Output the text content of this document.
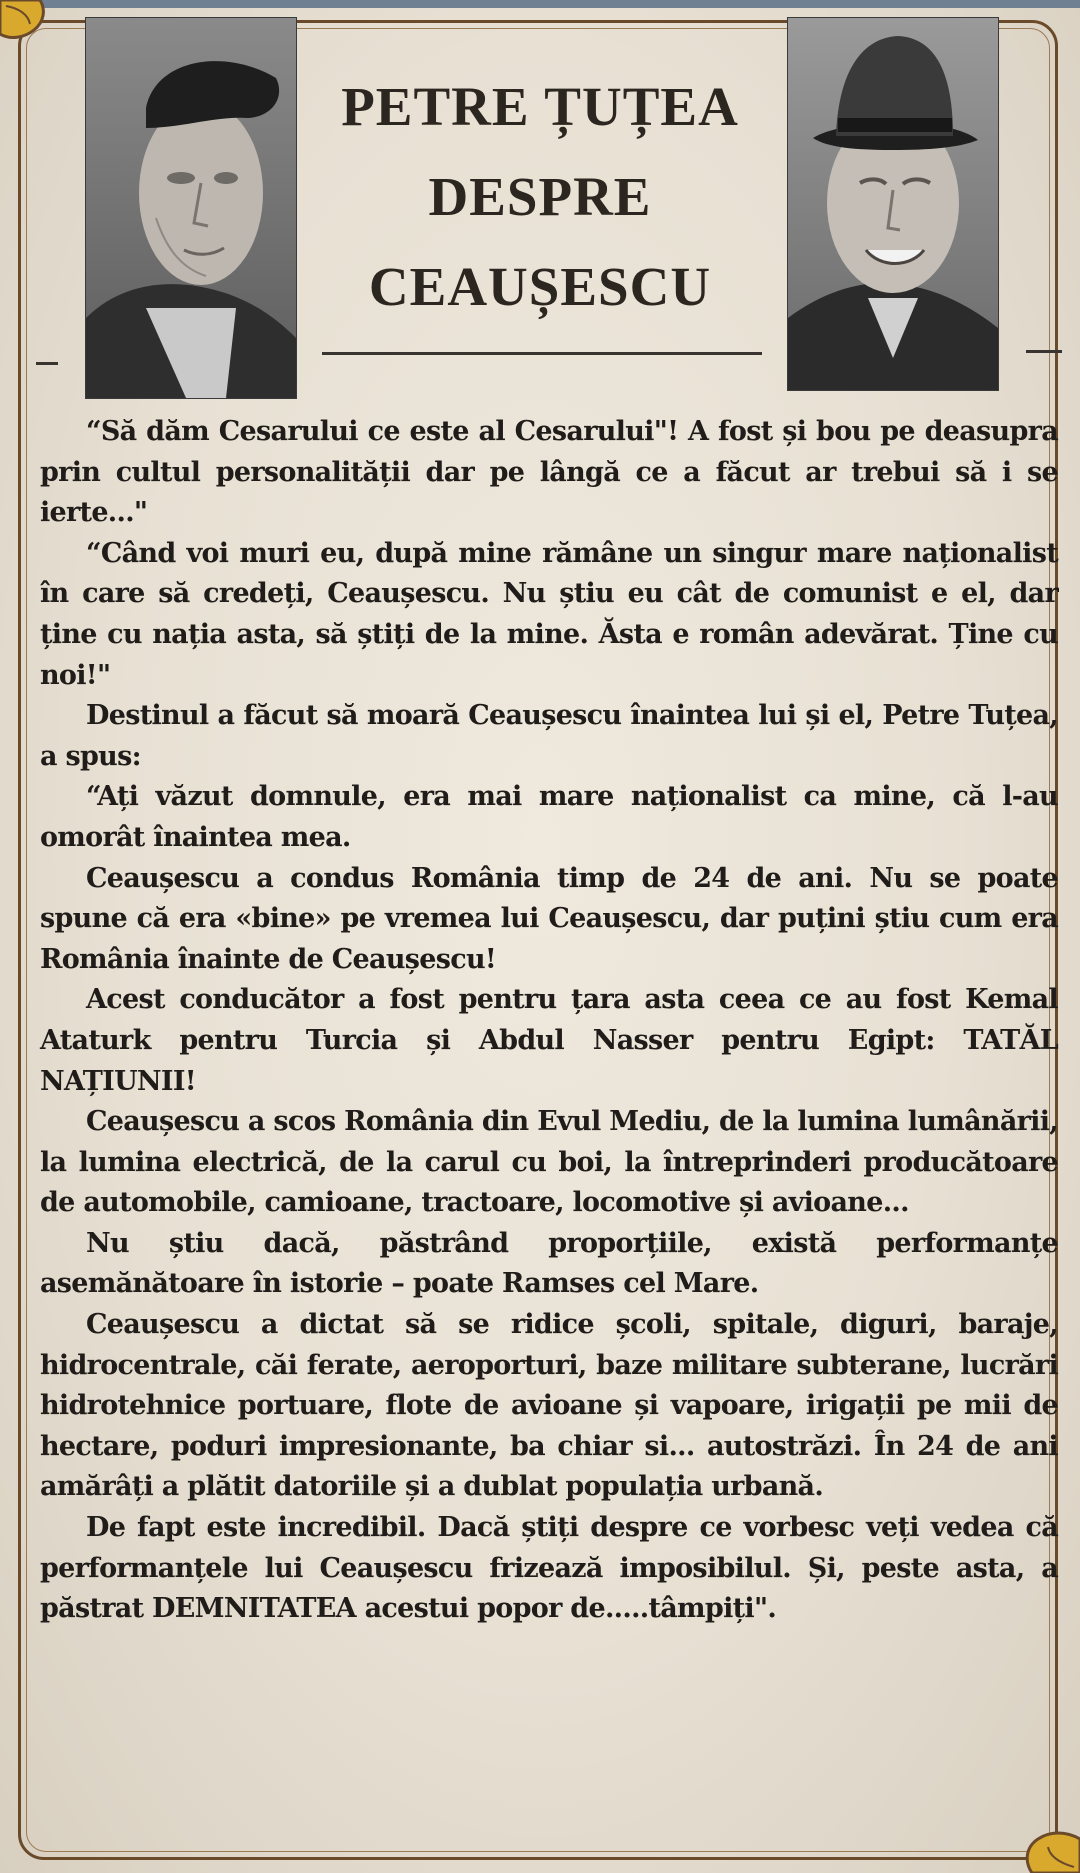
PETRE ȚUȚEA
DESPRE
CEAUȘESCU

“Să dăm Cesarului ce este al Cesarului"! A fost și bou pe deasupra prin cultul personalității dar pe lângă ce a făcut ar trebui să i se ierte..."

“Când voi muri eu, după mine rămâne un singur mare naționalist în care să credeți, Ceaușescu. Nu știu eu cât de comunist e el, dar ține cu nația asta, să știți de la mine. Ăsta e român adevărat. Ține cu noi!"

Destinul a făcut să moară Ceaușescu înaintea lui și el, Petre Tuțea, a spus:

“Ați văzut domnule, era mai mare naționalist ca mine, că l-au omorât înaintea mea.

Ceaușescu a condus România timp de 24 de ani. Nu se poate spune că era «bine» pe vremea lui Ceaușescu, dar puțini știu cum era România înainte de Ceaușescu!

Acest conducător a fost pentru țara asta ceea ce au fost Kemal Ataturk pentru Turcia și Abdul Nasser pentru Egipt: TATĂL NAȚIUNII!

Ceaușescu a scos România din Evul Mediu, de la lumina lumânării, la lumina electrică, de la carul cu boi, la întreprinderi producătoare de automobile, camioane, tractoare, locomotive și avioane...

Nu știu dacă, păstrând proporțiile, există performanțe asemănătoare în istorie – poate Ramses cel Mare.

Ceaușescu a dictat să se ridice școli, spitale, diguri, baraje, hidrocentrale, căi ferate, aeroporturi, baze militare subterane, lucrări hidrotehnice portuare, flote de avioane și vapoare, irigații pe mii de hectare, poduri impresionante, ba chiar si... autostrăzi. În 24 de ani amărâți a plătit datoriile și a dublat populația urbană.

De fapt este incredibil. Dacă știți despre ce vorbesc veți vedea că performanțele lui Ceaușescu frizează imposibilul. Și, peste asta, a păstrat DEMNITATEA acestui popor de.....tâmpiți".
